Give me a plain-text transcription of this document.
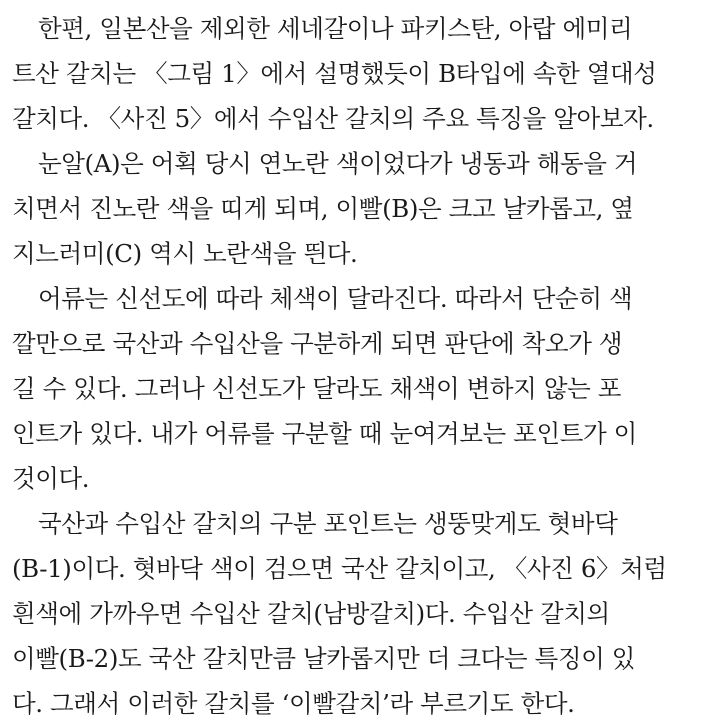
한편, 일본산을 제외한 세네갈이나 파키스탄, 아랍 에미리
트산 갈치는 〈그림 1〉에서 설명했듯이 B타입에 속한 열대성
갈치다. 〈사진 5〉에서 수입산 갈치의 주요 특징을 알아보자.
눈알(A)은 어획 당시 연노란 색이었다가 냉동과 해동을 거
치면서 진노란 색을 띠게 되며, 이빨(B)은 크고 날카롭고, 옆
지느러미(C) 역시 노란색을 띈다.
어류는 신선도에 따라 체색이 달라진다. 따라서 단순히 색
깔만으로 국산과 수입산을 구분하게 되면 판단에 착오가 생
길 수 있다. 그러나 신선도가 달라도 채색이 변하지 않는 포
인트가 있다. 내가 어류를 구분할 때 눈여겨보는 포인트가 이
것이다.
국산과 수입산 갈치의 구분 포인트는 생뚱맞게도 혓바닥
(B-1)이다. 혓바닥 색이 검으면 국산 갈치이고, 〈사진 6〉처럼
흰색에 가까우면 수입산 갈치(남방갈치)다. 수입산 갈치의
이빨(B-2)도 국산 갈치만큼 날카롭지만 더 크다는 특징이 있
다. 그래서 이러한 갈치를 ‘이빨갈치’라 부르기도 한다.
